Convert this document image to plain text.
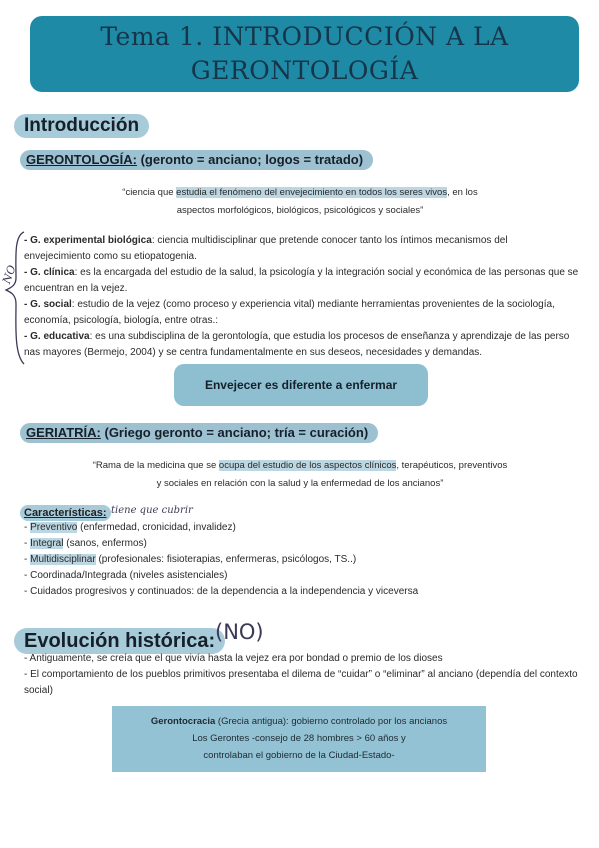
Tema 1. INTRODUCCIÓN A LA
GERONTOLOGÍA
Introducción
GERONTOLOGÍA: (geronto = anciano; logos = tratado)
“ciencia que estudia el fenómeno del envejecimiento en todos los seres vivos, en los
aspectos morfológicos, biológicos, psicológicos y sociales”
NO
- G. experimental biológica: ciencia multidisciplinar que pretende conocer tanto los íntimos mecanismos del
envejecimiento como su etiopatogenia.
- G. clínica: es la encargada del estudio de la salud, la psicología y la integración social y económica de las personas que se
encuentran en la vejez.
- G. social: estudio de la vejez (como proceso y experiencia vital) mediante herramientas provenientes de la sociología,
economía, psicología, biología, entre otras.:
- G. educativa: es una subdisciplina de la gerontología, que estudia los procesos de enseñanza y aprendizaje de las perso
nas mayores (Bermejo, 2004) y se centra fundamentalmente en sus deseos, necesidades y demandas.
Envejecer es diferente a enfermar
GERIATRÍA: (Griego geronto = anciano; tría = curación)
“Rama de la medicina que se ocupa del estudio de los aspectos clínicos, terapéuticos, preventivos
y sociales en relación con la salud y la enfermedad de los ancianos”
Características: tiene que cubrir
- Preventivo (enfermedad, cronicidad, invalidez)
- Integral (sanos, enfermos)
- Multidisciplinar (profesionales: fisioterapias, enfermeras, psicólogos, TS..)
- Coordinada/Integrada (niveles asistenciales)
- Cuidados progresivos y continuados: de la dependencia a la independencia y viceversa
Evolución histórica: (NO)
- Antiguamente, se creía que el que vivía hasta la vejez era por bondad o premio de los dioses
- El comportamiento de los pueblos primitivos presentaba el dilema de “cuidar” o “eliminar” al anciano (dependía del contexto
social)
Gerontocracia (Grecia antigua): gobierno controlado por los ancianos
Los Gerontes -consejo de 28 hombres > 60 años y
controlaban el gobierno de la Ciudad-Estado-
